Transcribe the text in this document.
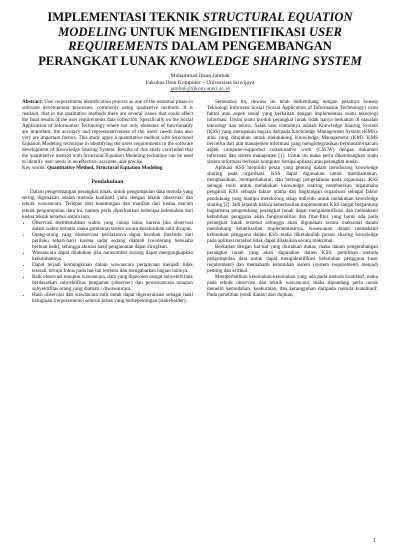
IMPLEMENTASI TEKNIK STRUCTURAL EQUATION MODELING UNTUK MENGIDENTIFIKASI USER REQUIREMENTS DALAM PENGEMBANGAN PERANGKAT LUNAK KNOWLEDGE SHARING SYSTEM
Muhammad Ihsan Jambak
Fakultas Ilmu Komputer – Universitas Sriwijaya
jambak@ilkom.unsri.ac.id

Abstract: User requirements identification process as one of the essential phase in software development processes, commonly using qualitative methods. It is realized, that in the qualitative methods there are several issues that could affect the final results of the user requirements data collection. Specifically on the Social Application of Information Technology where not only elements of functionality are important, the accuracy and representativeness of the users' needs data also very are important factors. This study apply a quantitative method with Structured Equation Modeling technique in identifying the users requirements in the software development of Knowledge Sharing System. Results of this study concluded that the quantitative method with Structural Equation Modeling technique can be used to identify user needs in an effective, accurate, and precise.

Key words: Quantitative Method, Structural Equation Modeling

Pendahuluan

Dalam pengembangan perangkat lunak, untuk pengumpulan data metoda yang sering digunakan adalah metoda kualitatif yaitu dengan teknik observasi dan teknik wawancara. Terlepas dari keuntungan dan manfaat dari kedua macam teknik pengumpulan data ini, namun perlu diperhatikan beberapa kelemahan dari kedua teknik tersebut antara lain:

• Observasi membutuhkan waktu yang cukup lama, karena jika observasi dalam waktu terbatas maka gambaran sistem secara keseluruhan sulit dicapai.
• Orang-orang yang diobservasi perilakunya dapat berubah (berbeda dari perilaku sehari-hari) karena sadar sedang diamati (cenderung bersuaha berbuat baik), sehingga akurasi hasil pengamatan dapat dirugikan.
• Wawancara dapat dilakukan jika narasumber kurang dapat mengungkapkan kebutuhannya.
• Dapat terjadi kemungkinan dalam wawancara pertanyaan menjadi tidak terarah, tertuju fokus pada hal-hal tertentu dan mengabaikan bagian lainnya.
• Baik observasi maupun wawancara, data yang diperoleh sangat subyektif baik berdasarkan subyektifitas pengamat (observer) dan pewawancara maupun subyektifitas orang yang diamati / diwawancara.
• Hasil observasi dan wawancara sulit untuk dapat digeneralisasi sebagai hasil keinginan (requirements) seluruh pihak yang berkepentingan (stakeholder).

Sementara itu, dewasa ini telah berkembang dengan pesatnya konsep Teknologi Informasi Sosial (Social Application of Information Technology) yaitu faktor atau aspek sosial yang berkaitan dengan implementasi suatu teknologi informasi. Disini suatu produk perangkat lunak tidak hanya berkaitan di masalah teknologi dan teknis. Salah satu contohnya adalah Knowledge Sharing System (KSS) yang merupakan bagian daripada Knowledge Management System (KMS), atau yang ditujukan untuk mendukung Knowledge Management (KM). KMS bercerita dari alat manajemen informasi yang mengintegrasikan bermacam-macam aspek computer-supported collaborative work (CSCW) dengan dokumen informasi dan sistem manajemen [1]. Untuk itu maka perlu dikembangkan suatu sistem informasi berbasis komputer berupa aplikasi atau perangkat lunak.

Aplikasi KSS memiliki peran yang penting dalam mendorong knowledge sharing pada organisasi. KSS dapat digunakan untuk membantukan, menghasilkan, memperbaharui, dan berbagi pengetahuan pada organisasi. KSS sebagai tools untuk melakukan knowledge sharing memberikan tuganmana pengaruh KSS sebagai faktor utama dan lingkungan organisasi sebagai faktor pendukung yang mampu mendorong sikap individu untuk melakukan knowledge sharing [2]. Jadi jelaslah bahwa keberhasilan implementasi KSS sangat bergantung bagaimana pengembang perangkat lunak dapat mengidentifikasi dan memahami kebutuhan pengguna akan fungsionalitas dan fitur-fitur yang harus ada pada perangkat lunak tersebut sehingga akan digunakan secara maksimal dalam mendukung keberhasilan implementasinya. Kesesuaian dalam memahami kebutuhan pengguna dalam KSS maka diketahuilah proses sharing knowledge pada aplikasi tersebut tidak dapat dilakukan secara maksimal.

Berkaitan dengan hal-hal yang diuraikan diatas, maka dalam pengembangan perangkat lunak yang akan digunakan dalam KSS, pemilihan metoda pengumpulan data untuk dapat mengidentifikasi kebutuhan pengguna (user requirement) dan memahami kebutuhan sistem (system requirement) menjadi penting dan kritikal.

Memperhatikan kelemahan-kelemahan yang ada pada metoda kualitatif, maka pada teknik observasi dan teknik wawancara, maka dipandang perlu untuk meneliti kemudahan, keakuratan, dan ketangguhan daripada metoda kuantitatif. Pada penelitian (studi diatas) dari dujikan,

1
